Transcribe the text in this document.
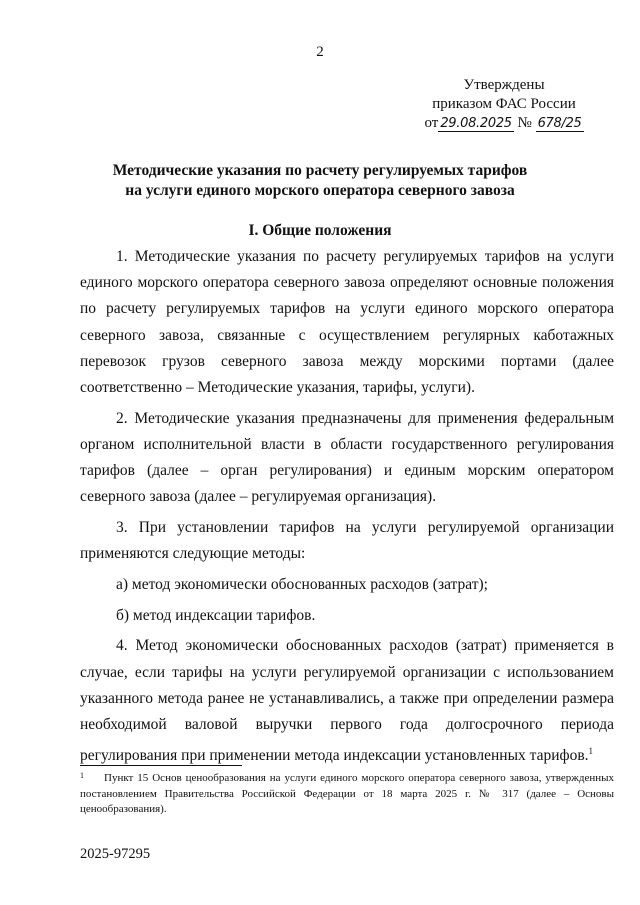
2
Утверждены
приказом ФАС России
от 29.08.2025 № 678/25
Методические указания по расчету регулируемых тарифов
на услуги единого морского оператора северного завоза
I. Общие положения

1. Методические указания по расчету регулируемых тарифов на услуги единого морского оператора северного завоза определяют основные положения по расчету регулируемых тарифов на услуги единого морского оператора северного завоза, связанные с осуществлением регулярных каботажных перевозок грузов северного завоза между морскими портами (далее соответственно – Методические указания, тарифы, услуги).

2. Методические указания предназначены для применения федеральным органом исполнительной власти в области государственного регулирования тарифов (далее – орган регулирования) и единым морским оператором северного завоза (далее – регулируемая организация).

3. При установлении тарифов на услуги регулируемой организации применяются следующие методы:

а) метод экономически обоснованных расходов (затрат);

б) метод индексации тарифов.

4. Метод экономически обоснованных расходов (затрат) применяется в случае, если тарифы на услуги регулируемой организации с использованием указанного метода ранее не устанавливались, а также при определении размера необходимой валовой выручки первого года долгосрочного периода регулирования при применении метода индексации установленных тарифов.$^1$

1	Пункт 15 Основ ценообразования на услуги единого морского оператора северного завоза, утвержденных постановлением Правительства Российской Федерации от 18 марта 2025 г. № 317 (далее – Основы ценообразования).
2025-97295
